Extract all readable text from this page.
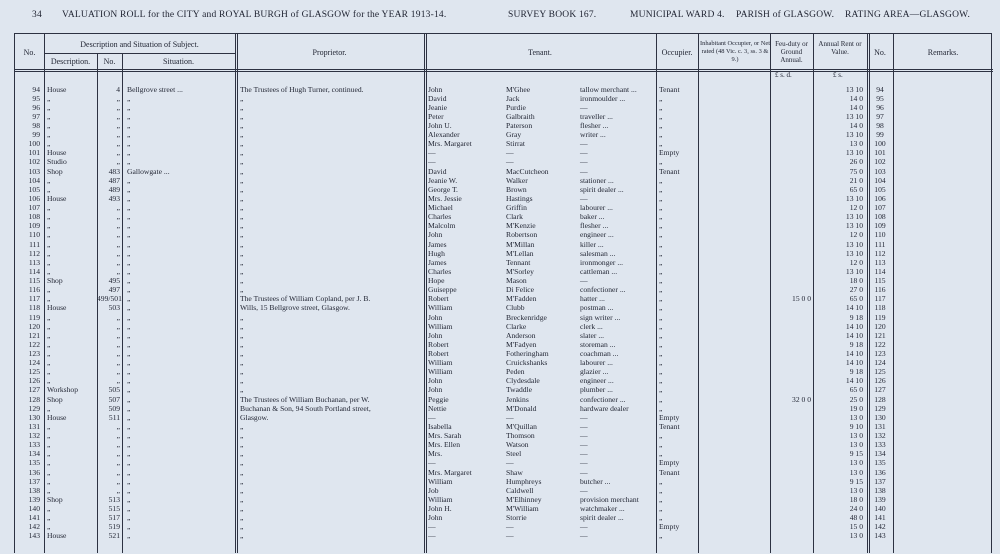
34 VALUATION ROLL for the CITY and ROYAL BURGH of GLASGOW for the YEAR 1913-14.	SURVEY BOOK 167.	MUNICIPAL WARD 4. PARISH of GLASGOW. RATING AREA—GLASGOW.
No.
Description and Situation of Subject.
Description.	No.	Situation.
Proprietor.	Tenant.	Occupier.
Inhabitant Occupier, or Net rated (48 Vic. c. 3, ss. 3 & 9.)
Feu-duty or Ground Annual.
Annual Rent or Value.	No.	Remarks.
£ s. d.	£ s.
94 House	4 Bellgrove street ...	The Trustees of Hugh Turner, continued.	John	M'Ghee	tallow merchant ...	Tenant	13 10	94
95 „	„ „	„	David	Jack	ironmoulder ...	„	14 0	95
96 „	„ „	„	Jeanie	Purdie	—	„	14 0	96
97 „	„ „	„	Peter	Galbraith	traveller ...	„	13 10	97
98 „	„ „	„	John U.	Paterson	flesher ...	„	14 0	98
99 „	„ „	„	Alexander	Gray	writer ...	„	13 10	99
100 „	„ „	„	Mrs. Margaret	Stirrat	—	„	13 0	100
101 House	„ „	„	—	—	—	Empty	13 10	101
102 Studio	„ „	„	—	—	—	„	26 0	102
103 Shop	483 Gallowgate ...	„	David	MacCutcheon	—	Tenant	75 0	103
104 „	487 „	„	Jeanie W.	Walker	stationer ...	„	21 0	104
105 „	489 „	„	George T.	Brown	spirit dealer ...	„	65 0	105
106 House	493 „	„	Mrs. Jessie	Hastings	—	„	13 10	106
107 „	„ „	„	Michael	Griffin	labourer ...	„	12 0	107
108 „	„ „	„	Charles	Clark	baker ...	„	13 10	108
109 „	„ „	„	Malcolm	M'Kenzie	flesher ...	„	13 10	109
110 „	„ „	„	John	Robertson	engineer ...	„	12 0	110
111 „	„ „	„	James	M'Millan	killer ...	„	13 10	111
112 „	„ „	„	Hugh	M'Lellan	salesman ...	„	13 10	112
113 „	„ „	„	James	Tennant	ironmonger ...	„	12 0	113
114 „	„ „	„	Charles	M'Sorley	cattleman ...	„	13 10	114
115 Shop	495 „	„	Hope	Mason	—	„	18 0	115
116 „	497 „	„	Guiseppe	Di Felice	confectioner ...	„	27 0	116
117 „	499/501 „	The Trustees of William Copland, per J. B.	Robert	M'Fadden	hatter ...	„	15 0 0	65 0	117
118 House	503 „	Wills, 15 Bellgrove street, Glasgow.	William	Clubb	postman ...	„	14 10	118
119 „	„ „	„	John	Breckenridge	sign writer ...	„	9 18	119
120 „	„ „	„	William	Clarke	clerk ...	„	14 10	120
121 „	„ „	„	John	Anderson	slater ...	„	14 10	121
122 „	„ „	„	Robert	M'Fadyen	storeman ...	„	9 18	122
123 „	„ „	„	Robert	Fotheringham	coachman ...	„	14 10	123
124 „	„ „	„	William	Cruickshanks	labourer ...	„	14 10	124
125 „	„ „	„	William	Peden	glazier ...	„	9 18	125
126 „	„ „	„	John	Clydesdale	engineer ...	„	14 10	126
127 Workshop	505 „	„	John	Twaddle	plumber ...	„	65 0	127
128 Shop	507 „	The Trustees of William Buchanan, per W.	Peggie	Jenkins	confectioner ...	„	32 0 0	25 0	128
129 „	509 „	Buchanan & Son, 94 South Portland street,	Nettie	M'Donald	hardware dealer	„	19 0	129
130 House	511 „	Glasgow.	—	—	—	Empty	13 0	130
131 „	„ „	„	Isabella	M'Quillan	—	Tenant	9 10	131
132 „	„ „	„	Mrs. Sarah	Thomson	—	„	13 0	132
133 „	„ „	„	Mrs. Ellen	Watson	—	„	13 0	133
134 „	„ „	„	Mrs.	Steel	—	„	9 15	134
135 „	„ „	„	—	—	—	Empty	13 0	135
136 „	„ „	„	Mrs. Margaret	Shaw	—	Tenant	13 0	136
137 „	„ „	„	William	Humphreys	butcher ...	„	9 15	137
138 „	„ „	„	Job	Caldwell	—	„	13 0	138
139 Shop	513 „	„	William	M'Elhinney	provision merchant	„	18 0	139
140 „	515 „	„	John H.	M'William	watchmaker ...	„	24 0	140
141 „	517 „	„	John	Storrie	spirit dealer ...	„	48 0	141
142 „	519 „	„	—	—	—	Empty	15 0	142
143 House	521 „	„	—	—	—	„	13 0	143
